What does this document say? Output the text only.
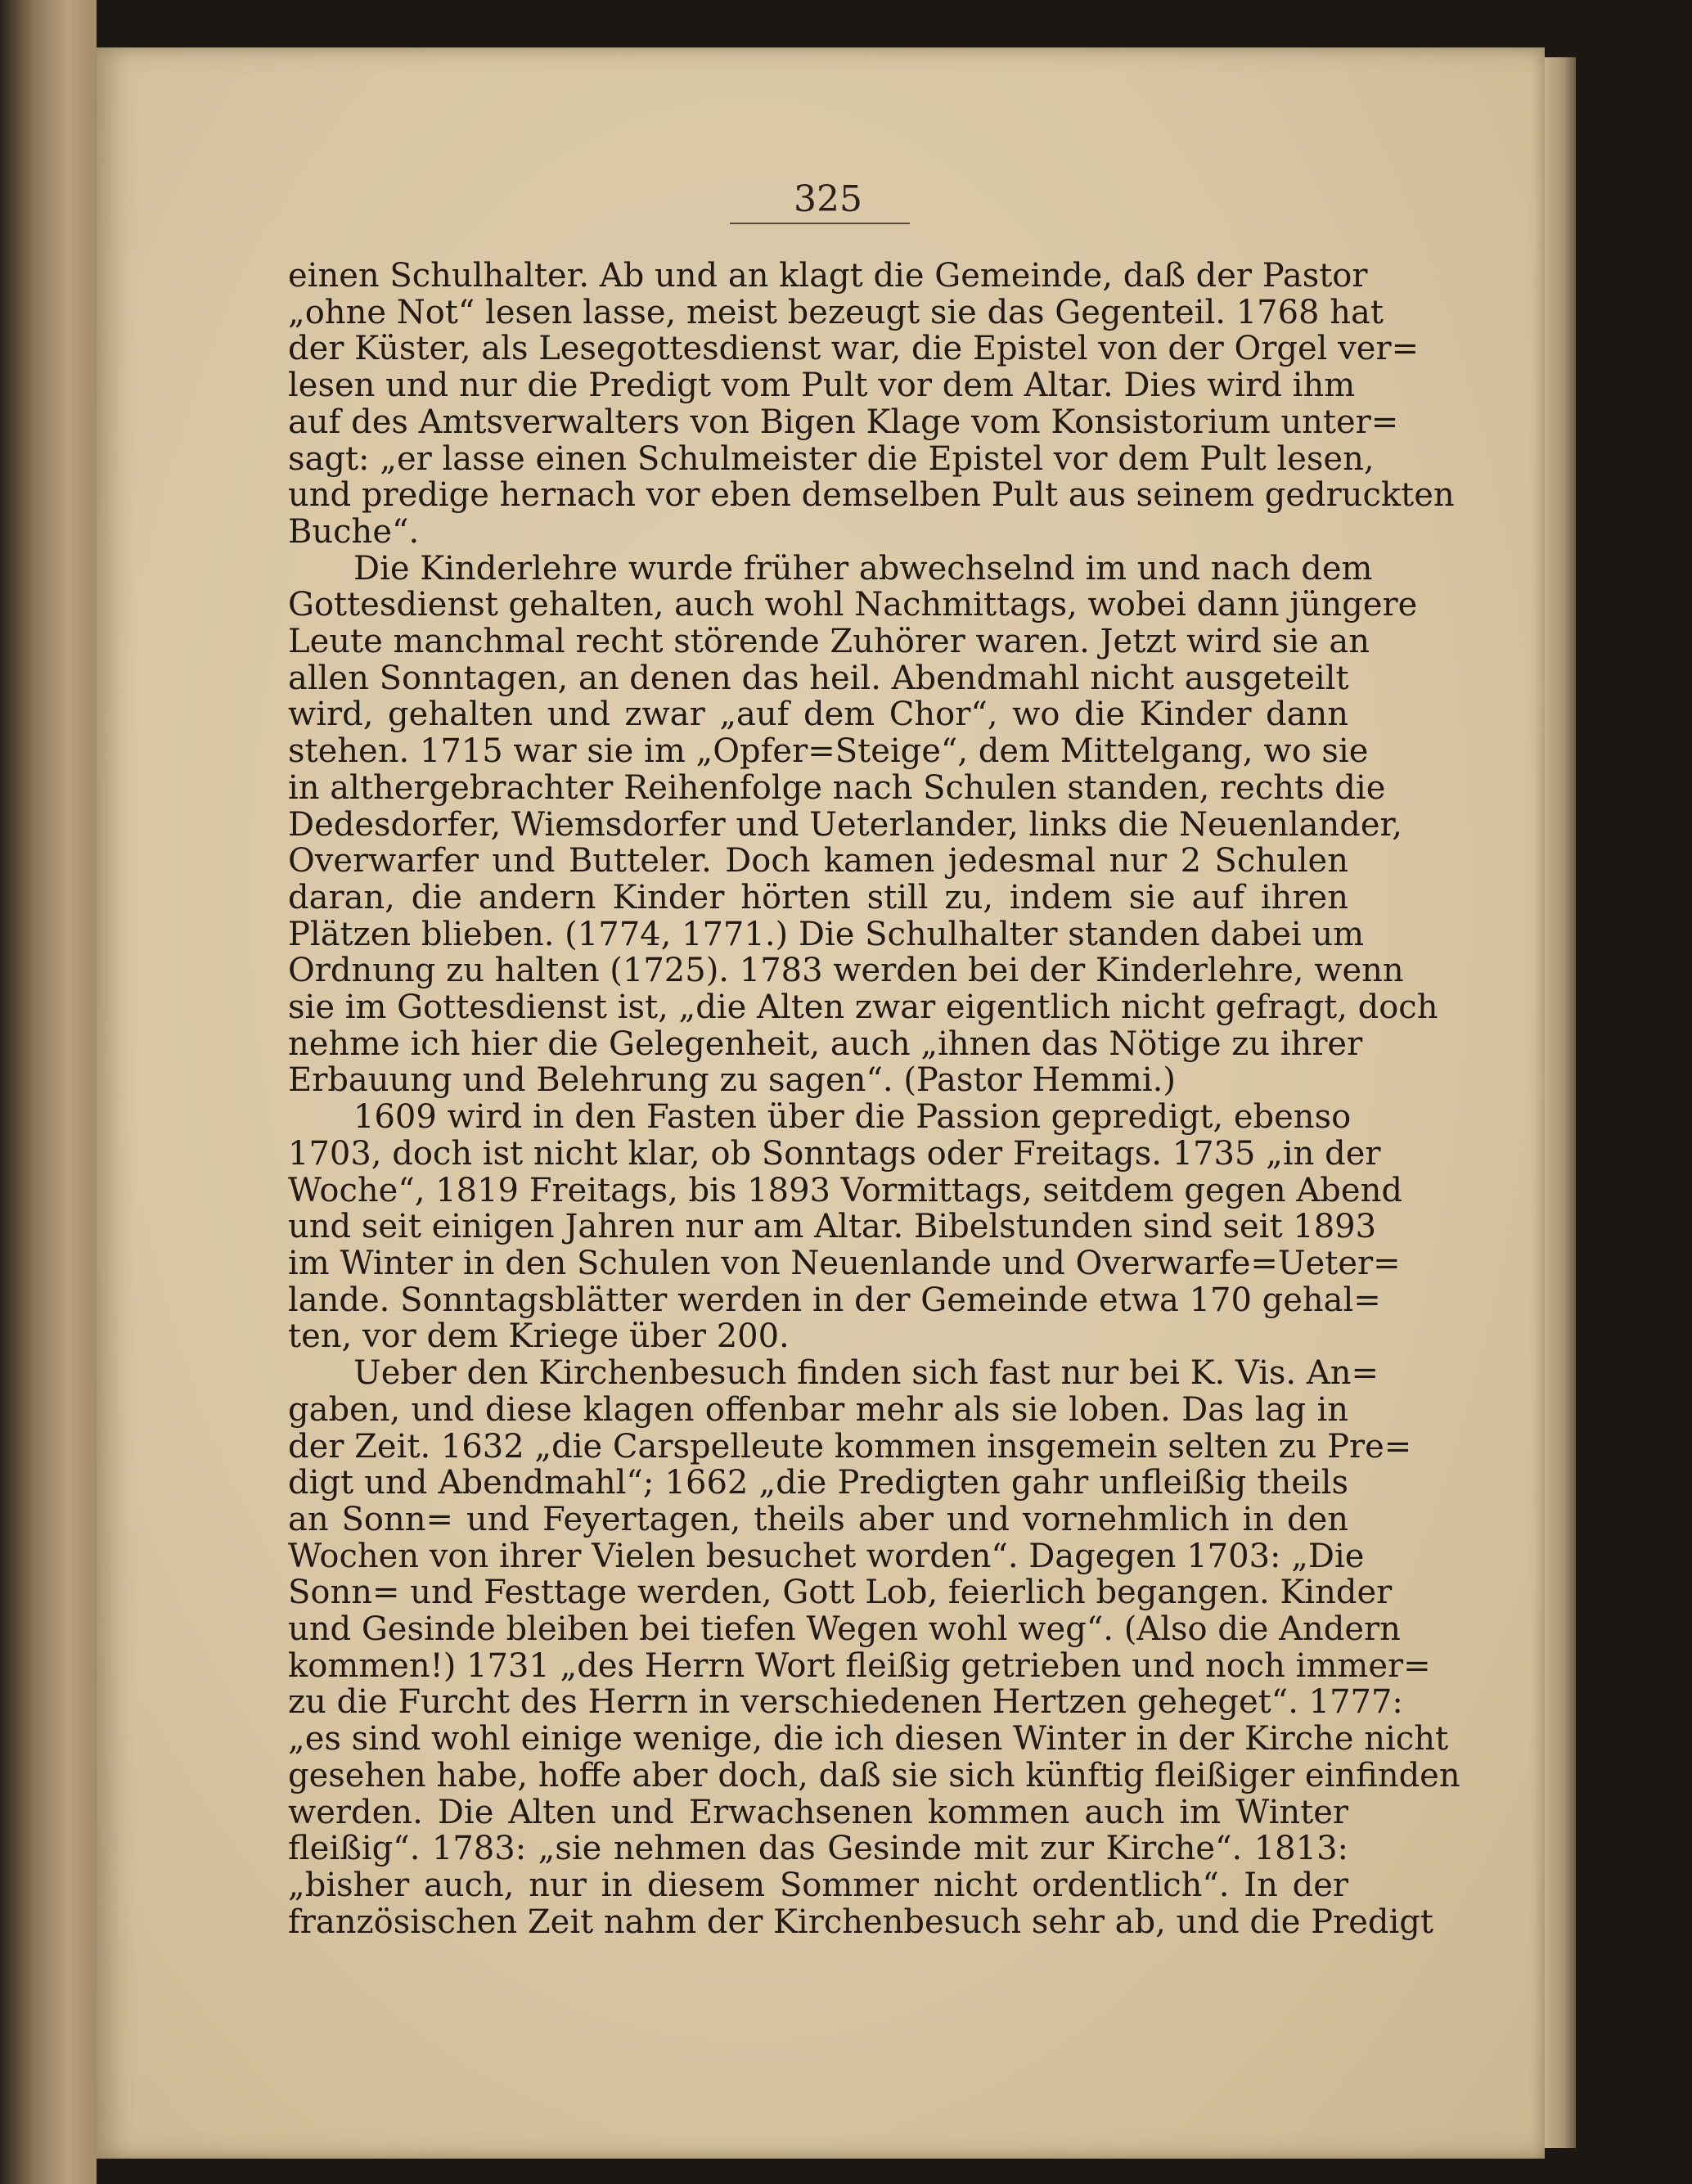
325
einen Schulhalter. Ab und an klagt die Gemeinde, daß der Pastor
„ohne Not“ lesen lasse, meist bezeugt sie das Gegenteil. 1768 hat
der Küster, als Lesegottesdienst war, die Epistel von der Orgel ver=
lesen und nur die Predigt vom Pult vor dem Altar. Dies wird ihm
auf des Amtsverwalters von Bigen Klage vom Konsistorium unter=
sagt: „er lasse einen Schulmeister die Epistel vor dem Pult lesen,
und predige hernach vor eben demselben Pult aus seinem gedruckten
Buche“.
  Die Kinderlehre wurde früher abwechselnd im und nach dem
Gottesdienst gehalten, auch wohl Nachmittags, wobei dann jüngere
Leute manchmal recht störende Zuhörer waren. Jetzt wird sie an
allen Sonntagen, an denen das heil. Abendmahl nicht ausgeteilt
wird, gehalten und zwar „auf dem Chor“, wo die Kinder dann
stehen. 1715 war sie im „Opfer=Steige“, dem Mittelgang, wo sie
in althergebrachter Reihenfolge nach Schulen standen, rechts die
Dedesdorfer, Wiemsdorfer und Ueterlander, links die Neuenlander,
Overwarfer und Butteler. Doch kamen jedesmal nur 2 Schulen
daran, die andern Kinder hörten still zu, indem sie auf ihren
Plätzen blieben. (1774, 1771.) Die Schulhalter standen dabei um
Ordnung zu halten (1725). 1783 werden bei der Kinderlehre, wenn
sie im Gottesdienst ist, „die Alten zwar eigentlich nicht gefragt, doch
nehme ich hier die Gelegenheit, auch „ihnen das Nötige zu ihrer
Erbauung und Belehrung zu sagen“. (Pastor Hemmi.)
  1609 wird in den Fasten über die Passion gepredigt, ebenso
1703, doch ist nicht klar, ob Sonntags oder Freitags. 1735 „in der
Woche“, 1819 Freitags, bis 1893 Vormittags, seitdem gegen Abend
und seit einigen Jahren nur am Altar. Bibelstunden sind seit 1893
im Winter in den Schulen von Neuenlande und Overwarfe=Ueter=
lande. Sonntagsblätter werden in der Gemeinde etwa 170 gehal=
ten, vor dem Kriege über 200.
  Ueber den Kirchenbesuch finden sich fast nur bei K. Vis. An=
gaben, und diese klagen offenbar mehr als sie loben. Das lag in
der Zeit. 1632 „die Carspelleute kommen insgemein selten zu Pre=
digt und Abendmahl“; 1662 „die Predigten gahr unfleißig theils
an Sonn= und Feyertagen, theils aber und vornehmlich in den
Wochen von ihrer Vielen besuchet worden“. Dagegen 1703: „Die
Sonn= und Festtage werden, Gott Lob, feierlich begangen. Kinder
und Gesinde bleiben bei tiefen Wegen wohl weg“. (Also die Andern
kommen!) 1731 „des Herrn Wort fleißig getrieben und noch immer=
zu die Furcht des Herrn in verschiedenen Hertzen geheget“. 1777:
„es sind wohl einige wenige, die ich diesen Winter in der Kirche nicht
gesehen habe, hoffe aber doch, daß sie sich künftig fleißiger einfinden
werden. Die Alten und Erwachsenen kommen auch im Winter
fleißig“. 1783: „sie nehmen das Gesinde mit zur Kirche“. 1813:
„bisher auch, nur in diesem Sommer nicht ordentlich“. In der
französischen Zeit nahm der Kirchenbesuch sehr ab, und die Predigt
